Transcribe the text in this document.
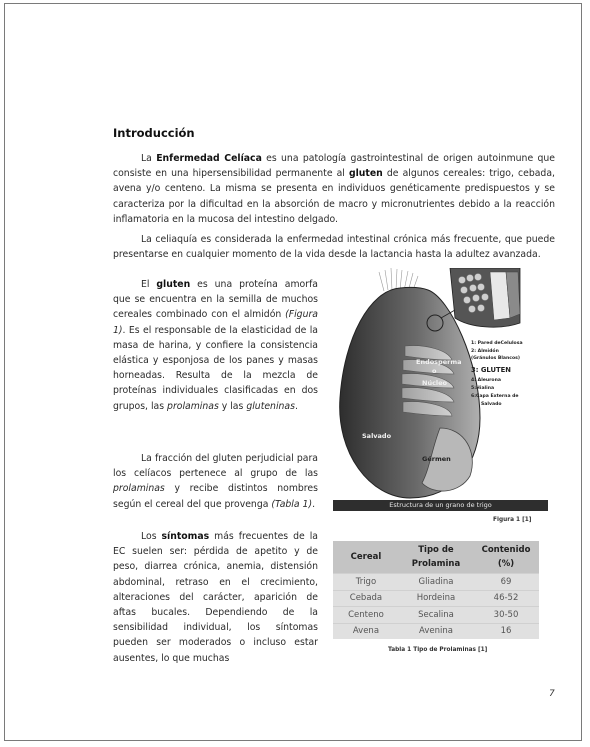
Introducción

La Enfermedad Celíaca es una patología gastrointestinal de origen autoinmune que consiste en una hipersensibilidad permanente al gluten de algunos cereales: trigo, cebada, avena y/o centeno. La misma se presenta en individuos genéticamente predispuestos y se caracteriza por la dificultad en la absorción de macro y micronutrientes debido a la reacción inflamatoria en la mucosa del intestino delgado.

La celiaquía es considerada la enfermedad intestinal crónica más frecuente, que puede presentarse en cualquier momento de la vida desde la lactancia hasta la adultez avanzada.

El gluten es una proteína amorfa que se encuentra en la semilla de muchos cereales combinado con el almidón (Figura 1). Es el responsable de la elasticidad de la masa de harina, y confiere la consistencia elástica y esponjosa de los panes y masas horneadas. Resulta de la mezcla de proteínas individuales clasificadas en dos grupos, las prolaminas y las gluteninas.

La fracción del gluten perjudicial para los celíacos pertenece al grupo de las prolaminas y recibe distintos nombres según el cereal del que provenga (Tabla 1).

Los síntomas más frecuentes de la EC suelen ser: pérdida de apetito y de peso, diarrea crónica, anemia, distensión abdominal, retraso en el crecimiento, alteraciones del carácter, aparición de aftas bucales. Dependiendo de la sensibilidad individual, los síntomas pueden ser moderados o incluso estar ausentes, lo que muchas

Endosperma
o
Núcleo
Salvado
Gérmen
1: Pared deCelulosa
2: Almidón
(Gránulos Blancos)
3: GLUTEN
4: Aleurona
5:Hialina
6:Capa Externa de
Salvado
Estructura de un grano de trigo
Figura 1 [1]
Cereal	Tipo de Prolamina	Contenido (%)
Trigo	Gliadina	69
Cebada	Hordeina	46-52
Centeno	Secalina	30-50
Avena	Avenina	16
Tabla 1 Tipo de Prolaminas [1]
7
